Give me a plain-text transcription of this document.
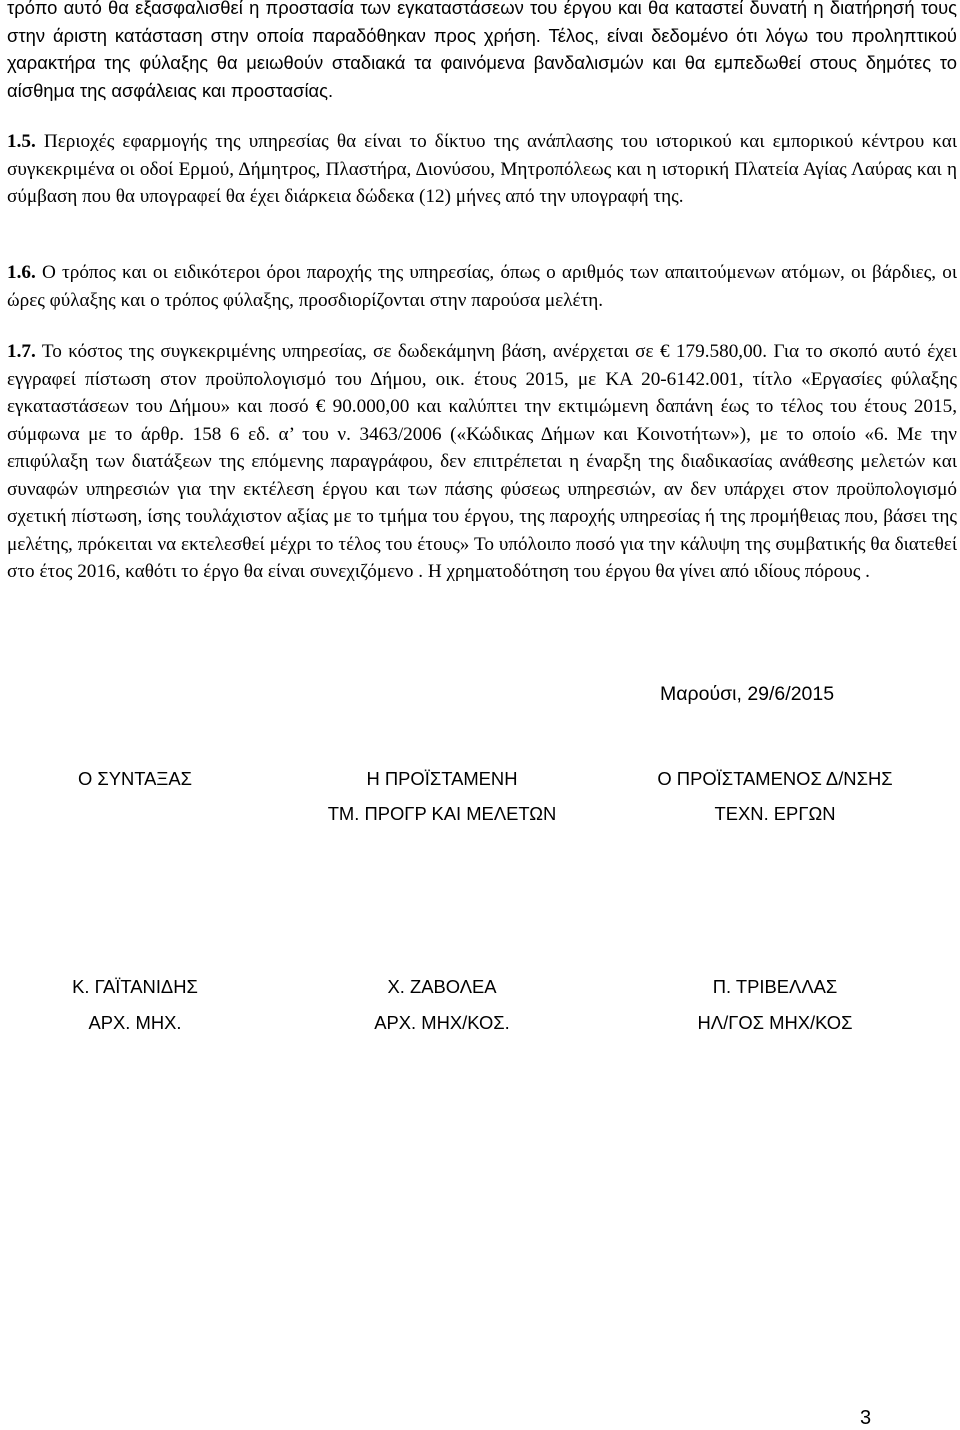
τρόπο αυτό θα εξασφαλισθεί η προστασία των εγκαταστάσεων του έργου και θα καταστεί δυνατή η διατήρησή τους στην άριστη κατάσταση στην οποία παραδόθηκαν προς χρήση. Τέλος, είναι δεδομένο ότι λόγω του προληπτικού χαρακτήρα της φύλαξης θα μειωθούν σταδιακά τα φαινόμενα βανδαλισμών και θα εμπεδωθεί στους δημότες το αίσθημα της ασφάλειας και προστασίας.

1.5. Περιοχές εφαρμογής της υπηρεσίας θα είναι το δίκτυο της ανάπλασης του ιστορικού και εμπορικού κέντρου και συγκεκριμένα οι οδοί Ερμού, Δήμητρος, Πλαστήρα, Διονύσου, Μητροπόλεως και η ιστορική Πλατεία Αγίας Λαύρας και η σύμβαση που θα υπογραφεί θα έχει διάρκεια δώδεκα (12) μήνες από την υπογραφή της.

1.6. Ο τρόπος και οι ειδικότεροι όροι παροχής της υπηρεσίας, όπως ο αριθμός των απαιτούμενων ατόμων, οι βάρδιες, οι ώρες φύλαξης και ο τρόπος φύλαξης, προσδιορίζονται στην παρούσα μελέτη.

1.7. Το κόστος της συγκεκριμένης υπηρεσίας, σε δωδεκάμηνη βάση, ανέρχεται σε € 179.580,00. Για το σκοπό αυτό έχει εγγραφεί πίστωση στον προϋπολογισμό του Δήμου, οικ. έτους 2015, με ΚΑ 20-6142.001, τίτλο «Εργασίες φύλαξης εγκαταστάσεων του Δήμου» και ποσό € 90.000,00 και καλύπτει την εκτιμώμενη δαπάνη έως το τέλος του έτους 2015, σύμφωνα με το άρθρ. 158 6 εδ. α’ του ν. 3463/2006 («Κώδικας Δήμων και Κοινοτήτων»), με το οποίο «6. Με την επιφύλαξη των διατάξεων της επόμενης παραγράφου, δεν επιτρέπεται η έναρξη της διαδικασίας ανάθεσης μελετών και συναφών υπηρεσιών για την εκτέλεση έργου και των πάσης φύσεως υπηρεσιών, αν δεν υπάρχει στον προϋπολογισμό σχετική πίστωση, ίσης τουλάχιστον αξίας με το τμήμα του έργου, της παροχής υπηρεσίας ή της προμήθειας που, βάσει της μελέτης, πρόκειται να εκτελεσθεί μέχρι το τέλος του έτους» Το υπόλοιπο ποσό για την κάλυψη της συμβατικής θα διατεθεί στο έτος 2016, καθότι το έργο θα είναι συνεχιζόμενο . Η χρηματοδότηση του έργου θα γίνει από ιδίους πόρους .

Μαρούσι, 29/6/2015

Ο ΣΥΝΤΑΞΑΣ

Κ. ΓΑΪΤΑΝΙΔΗΣ

ΑΡΧ. ΜΗΧ.

Η ΠΡΟΪΣΤΑΜΕΝΗ

ΤΜ. ΠΡΟΓΡ ΚΑΙ ΜΕΛΕΤΩΝ

Χ. ΖΑΒΟΛΕΑ

ΑΡΧ. ΜΗΧ/ΚΟΣ.

Ο ΠΡΟΪΣΤΑΜΕΝΟΣ Δ/ΝΣΗΣ

ΤΕΧΝ. ΕΡΓΩΝ

Π. ΤΡΙΒΕΛΛΑΣ

ΗΛ/ΓΟΣ ΜΗΧ/ΚΟΣ

3
